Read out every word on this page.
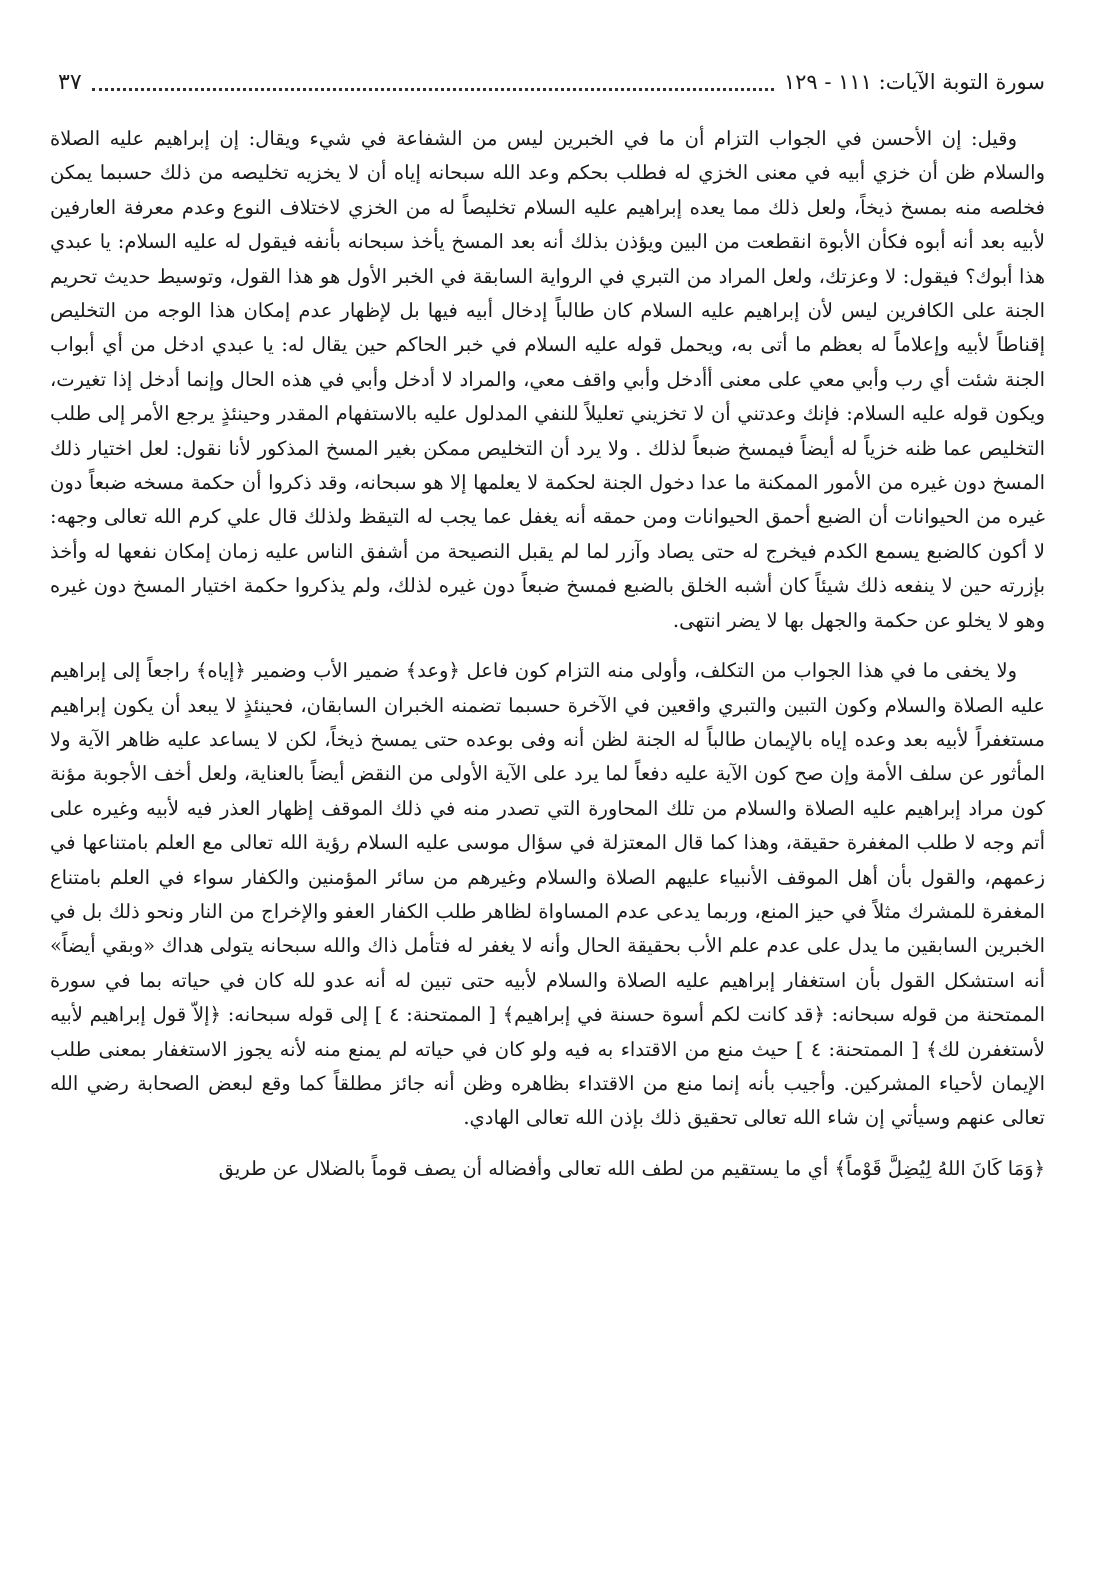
سورة التوبة الآيات: ١١١ - ١٢٩
٣٧

وقيل: إن الأحسن في الجواب التزام أن ما في الخبرين ليس من الشفاعة في شيء ويقال: إن إبراهيم عليه الصلاة والسلام ظن أن خزي أبيه في معنى الخزي له فطلب بحكم وعد الله سبحانه إياه أن لا يخزيه تخليصه من ذلك حسبما يمكن فخلصه منه بمسخ ذيخاً، ولعل ذلك مما يعده إبراهيم عليه السلام تخليصاً له من الخزي لاختلاف النوع وعدم معرفة العارفين لأبيه بعد أنه أبوه فكأن الأبوة انقطعت من البين ويؤذن بذلك أنه بعد المسخ يأخذ سبحانه بأنفه فيقول له عليه السلام: يا عبدي هذا أبوك؟ فيقول: لا وعزتك، ولعل المراد من التبري في الرواية السابقة في الخبر الأول هو هذا القول، وتوسيط حديث تحريم الجنة على الكافرين ليس لأن إبراهيم عليه السلام كان طالباً إدخال أبيه فيها بل لإظهار عدم إمكان هذا الوجه من التخليص إقناطاً لأبيه وإعلاماً له بعظم ما أتى به، ويحمل قوله عليه السلام في خبر الحاكم حين يقال له: يا عبدي ادخل من أي أبواب الجنة شئت أي رب وأبي معي على معنى أأدخل وأبي واقف معي، والمراد لا أدخل وأبي في هذه الحال وإنما أدخل إذا تغيرت، ويكون قوله عليه السلام: فإنك وعدتني أن لا تخزيني تعليلاً للنفي المدلول عليه بالاستفهام المقدر وحينئذٍ يرجع الأمر إلى طلب التخليص عما ظنه خزياً له أيضاً فيمسخ ضبعاً لذلك . ولا يرد أن التخليص ممكن بغير المسخ المذكور لأنا نقول: لعل اختيار ذلك المسخ دون غيره من الأمور الممكنة ما عدا دخول الجنة لحكمة لا يعلمها إلا هو سبحانه، وقد ذكروا أن حكمة مسخه ضبعاً دون غيره من الحيوانات أن الضبع أحمق الحيوانات ومن حمقه أنه يغفل عما يجب له التيقظ ولذلك قال علي كرم الله تعالى وجهه: لا أكون كالضبع يسمع الكدم فيخرج له حتى يصاد وآزر لما لم يقبل النصيحة من أشفق الناس عليه زمان إمكان نفعها له وأخذ بإزرته حين لا ينفعه ذلك شيئاً كان أشبه الخلق بالضبع فمسخ ضبعاً دون غيره لذلك، ولم يذكروا حكمة اختيار المسخ دون غيره وهو لا يخلو عن حكمة والجهل بها لا يضر انتهى.

ولا يخفى ما في هذا الجواب من التكلف، وأولى منه التزام كون فاعل ﴿وعد﴾ ضمير الأب وضمير ﴿إياه﴾ راجعاً إلى إبراهيم عليه الصلاة والسلام وكون التبين والتبري واقعين في الآخرة حسبما تضمنه الخبران السابقان، فحينئذٍ لا يبعد أن يكون إبراهيم مستغفراً لأبيه بعد وعده إياه بالإيمان طالباً له الجنة لظن أنه وفى بوعده حتى يمسخ ذيخاً، لكن لا يساعد عليه ظاهر الآية ولا المأثور عن سلف الأمة وإن صح كون الآية عليه دفعاً لما يرد على الآية الأولى من النقض أيضاً بالعناية، ولعل أخف الأجوبة مؤنة كون مراد إبراهيم عليه الصلاة والسلام من تلك المحاورة التي تصدر منه في ذلك الموقف إظهار العذر فيه لأبيه وغيره على أتم وجه لا طلب المغفرة حقيقة، وهذا كما قال المعتزلة في سؤال موسى عليه السلام رؤية الله تعالى مع العلم بامتناعها في زعمهم، والقول بأن أهل الموقف الأنبياء عليهم الصلاة والسلام وغيرهم من سائر المؤمنين والكفار سواء في العلم بامتناع المغفرة للمشرك مثلاً في حيز المنع، وربما يدعى عدم المساواة لظاهر طلب الكفار العفو والإخراج من النار ونحو ذلك بل في الخبرين السابقين ما يدل على عدم علم الأب بحقيقة الحال وأنه لا يغفر له فتأمل ذاك والله سبحانه يتولى هداك «وبقي أيضاً» أنه استشكل القول بأن استغفار إبراهيم عليه الصلاة والسلام لأبيه حتى تبين له أنه عدو لله كان في حياته بما في سورة الممتحنة من قوله سبحانه: ﴿قد كانت لكم أسوة حسنة في إبراهيم﴾ [ الممتحنة: ٤ ] إلى قوله سبحانه: ﴿إلاّ قول إبراهيم لأبيه لأستغفرن لك﴾ [ الممتحنة: ٤ ] حيث منع من الاقتداء به فيه ولو كان في حياته لم يمنع منه لأنه يجوز الاستغفار بمعنى طلب الإيمان لأحياء المشركين. وأجيب بأنه إنما منع من الاقتداء بظاهره وظن أنه جائز مطلقاً كما وقع لبعض الصحابة رضي الله تعالى عنهم وسيأتي إن شاء الله تعالى تحقيق ذلك بإذن الله تعالى الهادي.

﴿وَمَا كَانَ اللهُ لِيُضِلَّ قَوْماً﴾ أي ما يستقيم من لطف الله تعالى وأفضاله أن يصف قوماً بالضلال عن طريق
